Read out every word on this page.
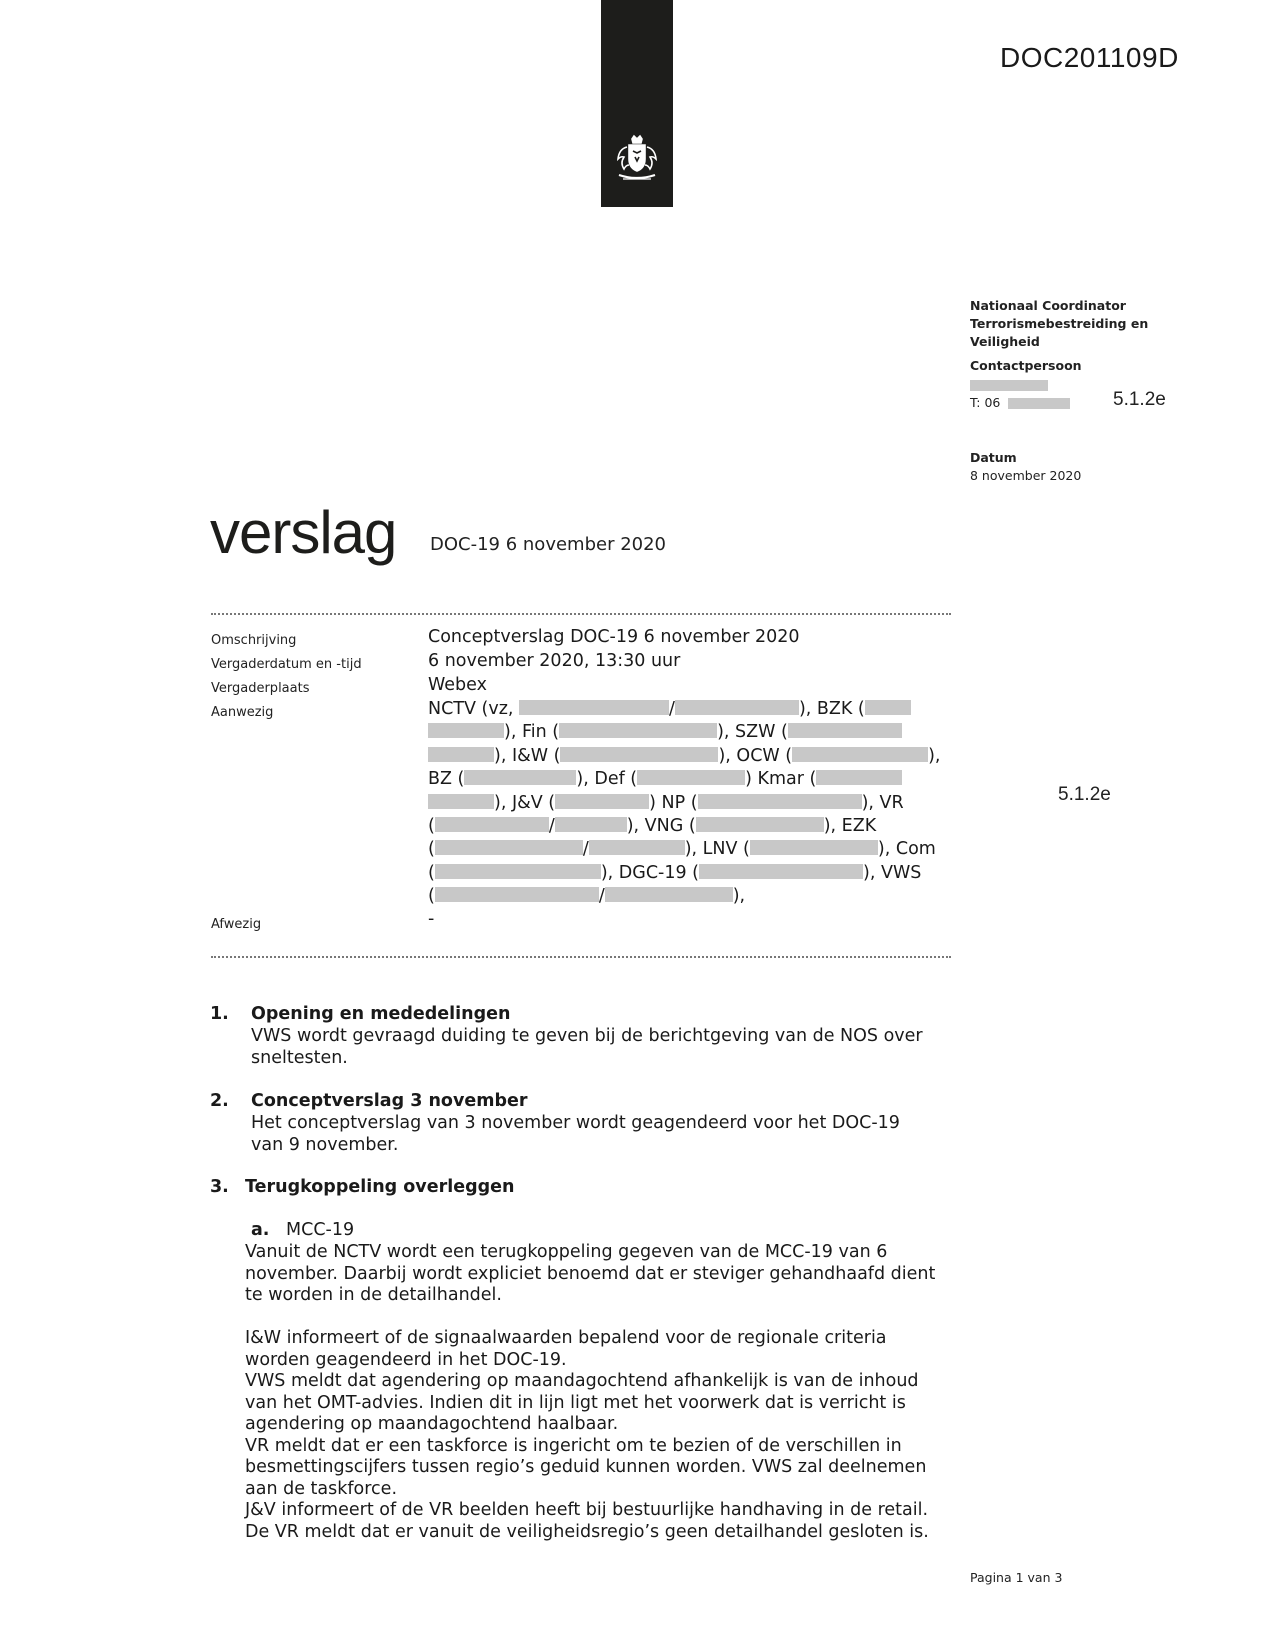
DOC201109D
Nationaal Coordinator
Terrorismebestreiding en
Veiligheid
Contactpersoon
T: 06	5.1.2e
Datum
8 november 2020
verslag DOC-19 6 november 2020
Omschrijving	Conceptverslag DOC-19 6 november 2020
Vergaderdatum en -tijd	6 november 2020, 13:30 uur
Vergaderplaats	Webex
Aanwezig	NCTV (vz,	/	), BZK (
), Fin (	), SZW (
), I&W (	), OCW (	),
BZ (	), Def (	) Kmar (
), J&V (	) NP (	), VR
(	/	), VNG (	), EZK
(	/	), LNV (	), Com
(	), DGC-19 (	), VWS
(	/	),
5.1.2e
Afwezig	-
1. Opening en mededelingen
VWS wordt gevraagd duiding te geven bij de berichtgeving van de NOS over
sneltesten.
2. Conceptverslag 3 november
Het conceptverslag van 3 november wordt geagendeerd voor het DOC-19
van 9 november.
3. Terugkoppeling overleggen
a. MCC-19
Vanuit de NCTV wordt een terugkoppeling gegeven van de MCC-19 van 6
november. Daarbij wordt expliciet benoemd dat er steviger gehandhaafd dient
te worden in de detailhandel.
I&W informeert of de signaalwaarden bepalend voor de regionale criteria
worden geagendeerd in het DOC-19.
VWS meldt dat agendering op maandagochtend afhankelijk is van de inhoud
van het OMT-advies. Indien dit in lijn ligt met het voorwerk dat is verricht is
agendering op maandagochtend haalbaar.
VR meldt dat er een taskforce is ingericht om te bezien of de verschillen in
besmettingscijfers tussen regio’s geduid kunnen worden. VWS zal deelnemen
aan de taskforce.
J&V informeert of de VR beelden heeft bij bestuurlijke handhaving in de retail.
De VR meldt dat er vanuit de veiligheidsregio’s geen detailhandel gesloten is.
Pagina 1 van 3
